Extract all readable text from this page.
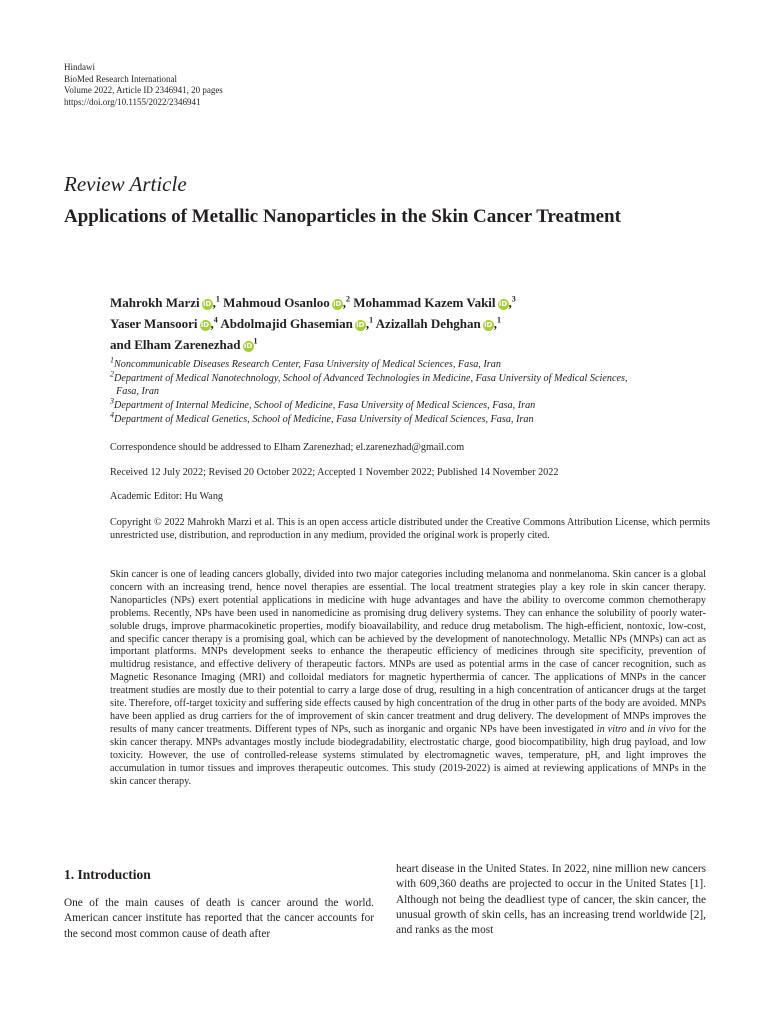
Hindawi
BioMed Research International
Volume 2022, Article ID 2346941, 20 pages
https://doi.org/10.1155/2022/2346941
Review Article
Applications of Metallic Nanoparticles in the Skin Cancer Treatment
Mahrokh Marzi iD,$^1$ Mahmoud Osanloo iD,$^2$ Mohammad Kazem Vakil iD,$^3$
Yaser Mansoori iD,$^4$ Abdolmajid Ghasemian iD,$^1$ Azizallah Dehghan iD,$^1$
and Elham Zarenezhad $iD^1$

$^1$Noncommunicable Diseases Research Center, Fasa University of Medical Sciences, Fasa, Iran

$^2$Department of Medical Nanotechnology, School of Advanced Technologies in Medicine, Fasa University of Medical Sciences,

Fasa, Iran

$^3$Department of Internal Medicine, School of Medicine, Fasa University of Medical Sciences, Fasa, Iran

$^4$Department of Medical Genetics, School of Medicine, Fasa University of Medical Sciences, Fasa, Iran

Correspondence should be addressed to Elham Zarenezhad; el.zarenezhad@gmail.com
Received 12 July 2022; Revised 20 October 2022; Accepted 1 November 2022; Published 14 November 2022
Academic Editor: Hu Wang
Copyright © 2022 Mahrokh Marzi et al. This is an open access article distributed under the Creative Commons Attribution License, which permits unrestricted use, distribution, and reproduction in any medium, provided the original work is properly cited.

Skin cancer is one of leading cancers globally, divided into two major categories including melanoma and nonmelanoma. Skin cancer is a global concern with an increasing trend, hence novel therapies are essential. The local treatment strategies play a key role in skin cancer therapy. Nanoparticles (NPs) exert potential applications in medicine with huge advantages and have the ability to overcome common chemotherapy problems. Recently, NPs have been used in nanomedicine as promising drug delivery systems. They can enhance the solubility of poorly water-soluble drugs, improve pharmacokinetic properties, modify bioavailability, and reduce drug metabolism. The high-efficient, nontoxic, low-cost, and specific cancer therapy is a promising goal, which can be achieved by the development of nanotechnology. Metallic NPs (MNPs) can act as important platforms. MNPs development seeks to enhance the therapeutic efficiency of medicines through site specificity, prevention of multidrug resistance, and effective delivery of therapeutic factors. MNPs are used as potential arms in the case of cancer recognition, such as Magnetic Resonance Imaging (MRI) and colloidal mediators for magnetic hyperthermia of cancer. The applications of MNPs in the cancer treatment studies are mostly due to their potential to carry a large dose of drug, resulting in a high concentration of anticancer drugs at the target site. Therefore, off-target toxicity and suffering side effects caused by high concentration of the drug in other parts of the body are avoided. MNPs have been applied as drug carriers for the of improvement of skin cancer treatment and drug delivery. The development of MNPs improves the results of many cancer treatments. Different types of NPs, such as inorganic and organic NPs have been investigated in vitro and in vivo for the skin cancer therapy. MNPs advantages mostly include biodegradability, electrostatic charge, good biocompatibility, high drug payload, and low toxicity. However, the use of controlled-release systems stimulated by electromagnetic waves, temperature, pH, and light improves the accumulation in tumor tissues and improves therapeutic outcomes. This study (2019-2022) is aimed at reviewing applications of MNPs in the skin cancer therapy.

1. Introduction

One of the main causes of death is cancer around the world. American cancer institute has reported that the cancer accounts for the second most common cause of death after

heart disease in the United States. In 2022, nine million new cancers with 609,360 deaths are projected to occur in the United States [1]. Although not being the deadliest type of cancer, the skin cancer, the unusual growth of skin cells, has an increasing trend worldwide [2], and ranks as the most
